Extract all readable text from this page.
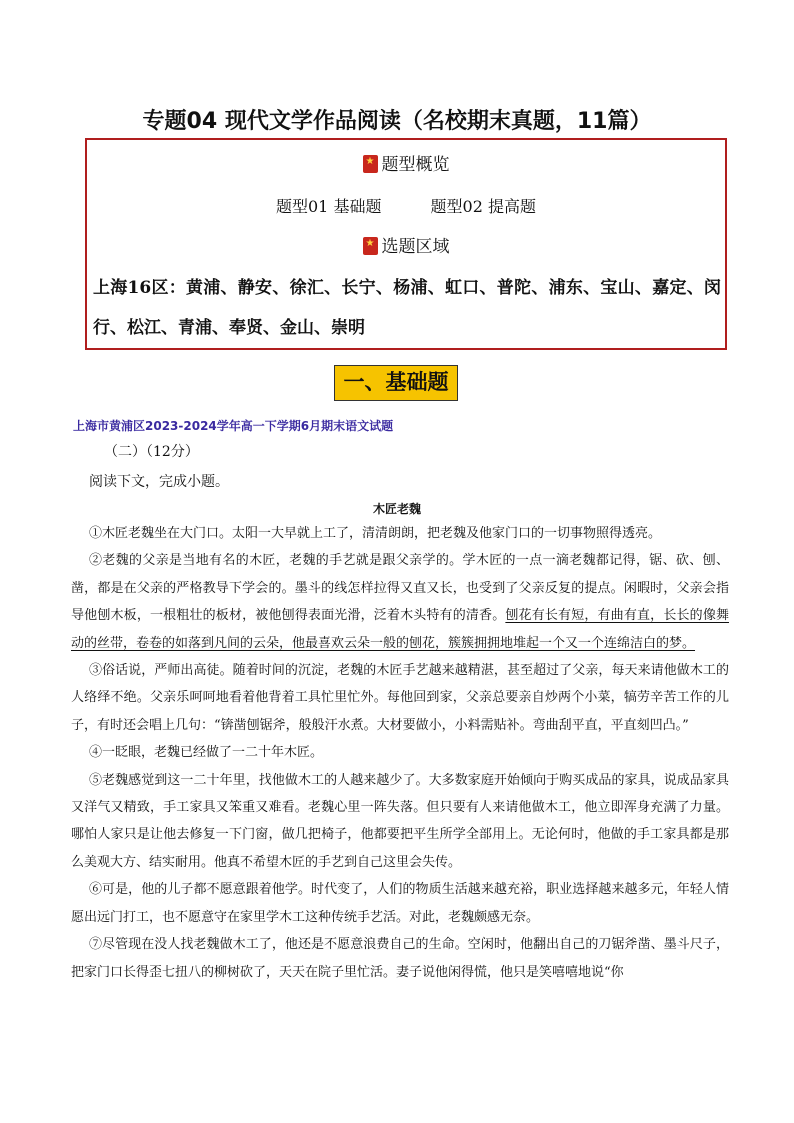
专题04 现代文学作品阅读（名校期末真题，11篇）
★题型概览
题型01 基础题	题型02 提高题
★选题区域
上海16区：黄浦、静安、徐汇、长宁、杨浦、虹口、普陀、浦东、宝山、嘉定、闵行、松江、青浦、奉贤、金山、崇明
一、基础题
上海市黄浦区2023-2024学年高一下学期6月期末语文试题
（二）（12分）
阅读下文，完成小题。
木匠老魏

①木匠老魏坐在大门口。太阳一大早就上工了，清清朗朗，把老魏及他家门口的一切事物照得透亮。

②老魏的父亲是当地有名的木匠，老魏的手艺就是跟父亲学的。学木匠的一点一滴老魏都记得，锯、砍、刨、凿，都是在父亲的严格教导下学会的。墨斗的线怎样拉得又直又长，也受到了父亲反复的提点。闲暇时，父亲会指导他刨木板，一根粗壮的板材，被他刨得表面光滑，泛着木头特有的清香。刨花有长有短，有曲有直，长长的像舞动的丝带，卷卷的如落到凡间的云朵，他最喜欢云朵一般的刨花，簇簇拥拥地堆起一个又一个连绵洁白的梦。

③俗话说，严师出高徒。随着时间的沉淀，老魏的木匠手艺越来越精湛，甚至超过了父亲，每天来请他做木工的人络绎不绝。父亲乐呵呵地看着他背着工具忙里忙外。每他回到家，父亲总要亲自炒两个小菜，犒劳辛苦工作的儿子，有时还会唱上几句：“锛凿刨锯斧，般般汗水煮。大材要做小，小料需贴补。弯曲刮平直，平直刻凹凸。”

④一眨眼，老魏已经做了一二十年木匠。

⑤老魏感觉到这一二十年里，找他做木工的人越来越少了。大多数家庭开始倾向于购买成品的家具，说成品家具又洋气又精致，手工家具又笨重又难看。老魏心里一阵失落。但只要有人来请他做木工，他立即浑身充满了力量。哪怕人家只是让他去修复一下门窗，做几把椅子，他都要把平生所学全部用上。无论何时，他做的手工家具都是那么美观大方、结实耐用。他真不希望木匠的手艺到自己这里会失传。

⑥可是，他的儿子都不愿意跟着他学。时代变了，人们的物质生活越来越充裕，职业选择越来越多元，年轻人情愿出远门打工，也不愿意守在家里学木工这种传统手艺活。对此，老魏颇感无奈。

⑦尽管现在没人找老魏做木工了，他还是不愿意浪费自己的生命。空闲时，他翻出自己的刀锯斧凿、墨斗尺子，把家门口长得歪七扭八的柳树砍了，天天在院子里忙活。妻子说他闲得慌，他只是笑嘻嘻地说“你
